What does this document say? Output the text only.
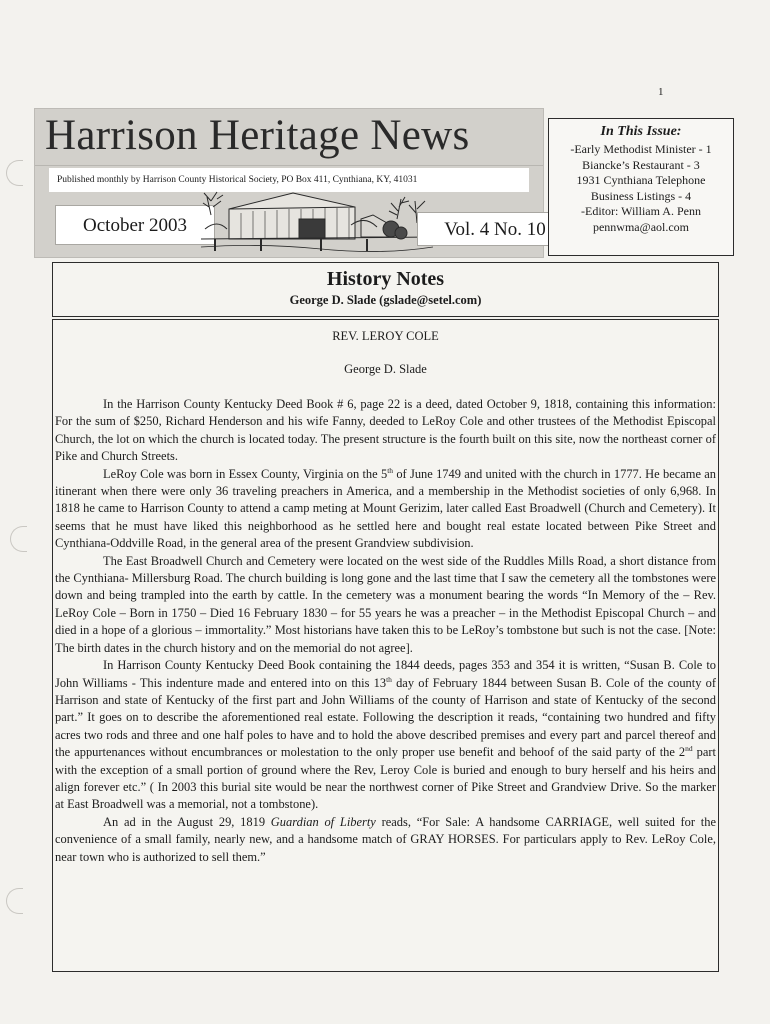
1
Harrison Heritage News
Published monthly by Harrison County Historical Society, PO Box 411, Cynthiana, KY, 41031
October 2003	Vol. 4 No. 10
In This Issue:
-Early Methodist Minister - 1
Biancke’s Restaurant - 3
1931 Cynthiana Telephone
Business Listings - 4
-Editor: William A. Penn
pennwma@aol.com
History Notes
George D. Slade (gslade@setel.com)
REV. LEROY COLE
George D. Slade

In the Harrison County Kentucky Deed Book # 6, page 22 is a deed, dated October 9, 1818, containing this information: For the sum of $250, Richard Henderson and his wife Fanny, deeded to LeRoy Cole and other trustees of the Methodist Episcopal Church, the lot on which the church is located today. The present structure is the fourth built on this site, now the northeast corner of Pike and Church Streets.

LeRoy Cole was born in Essex County, Virginia on the 5th of June 1749 and united with the church in 1777. He became an itinerant when there were only 36 traveling preachers in America, and a membership in the Methodist societies of only 6,968. In 1818 he came to Harrison County to attend a camp meting at Mount Gerizim, later called East Broadwell (Church and Cemetery). It seems that he must have liked this neighborhood as he settled here and bought real estate located between Pike Street and Cynthiana-Oddville Road, in the general area of the present Grandview subdivision.

The East Broadwell Church and Cemetery were located on the west side of the Ruddles Mills Road, a short distance from the Cynthiana- Millersburg Road. The church building is long gone and the last time that I saw the cemetery all the tombstones were down and being trampled into the earth by cattle. In the cemetery was a monument bearing the words “In Memory of the – Rev. LeRoy Cole – Born in 1750 – Died 16 February 1830 – for 55 years he was a preacher – in the Methodist Episcopal Church – and died in a hope of a glorious – immortality.” Most historians have taken this to be LeRoy’s tombstone but such is not the case. [Note: The birth dates in the church history and on the memorial do not agree].

In Harrison County Kentucky Deed Book containing the 1844 deeds, pages 353 and 354 it is written, “Susan B. Cole to John Williams - This indenture made and entered into on this 13th day of February 1844 between Susan B. Cole of the county of Harrison and state of Kentucky of the first part and John Williams of the county of Harrison and state of Kentucky of the second part.” It goes on to describe the aforementioned real estate. Following the description it reads, “containing two hundred and fifty acres two rods and three and one half poles to have and to hold the above described premises and every part and parcel thereof and the appurtenances without encumbrances or molestation to the only proper use benefit and behoof of the said party of the 2nd part with the exception of a small portion of ground where the Rev, Leroy Cole is buried and enough to bury herself and his heirs and align forever etc.” ( In 2003 this burial site would be near the northwest corner of Pike Street and Grandview Drive. So the marker at East Broadwell was a memorial, not a tombstone).

An ad in the August 29, 1819 Guardian of Liberty reads, “For Sale: A handsome CARRIAGE, well suited for the convenience of a small family, nearly new, and a handsome match of GRAY HORSES. For particulars apply to Rev. LeRoy Cole, near town who is authorized to sell them.”
